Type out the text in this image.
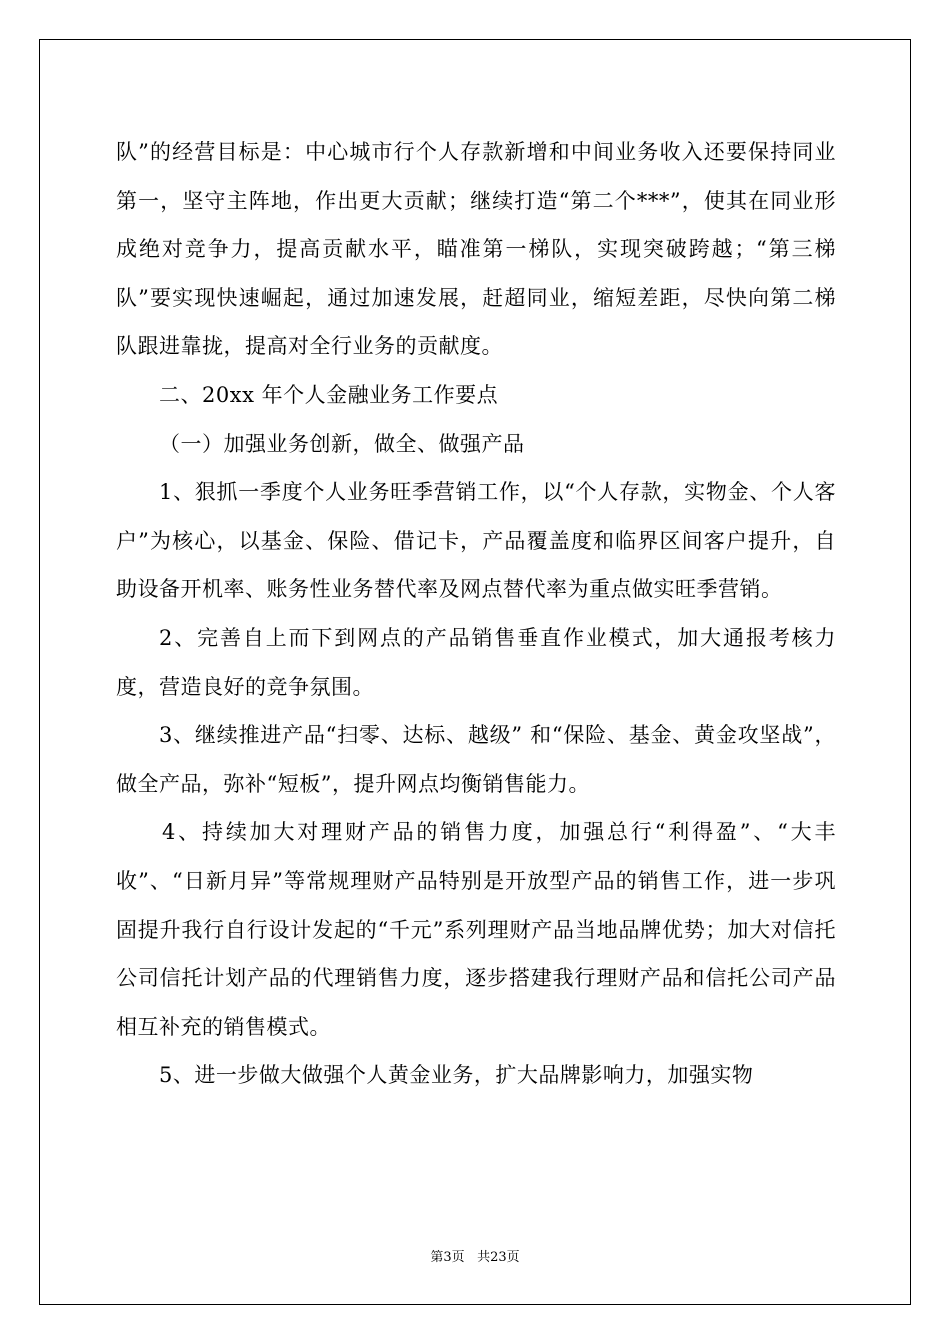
队”的经营目标是：中心城市行个人存款新增和中间业务收入还要保持同业第一，坚守主阵地，作出更大贡献；继续打造“第二个***”，使其在同业形成绝对竞争力，提高贡献水平，瞄准第一梯队，实现突破跨越；“第三梯队”要实现快速崛起，通过加速发展，赶超同业，缩短差距，尽快向第二梯队跟进靠拢，提高对全行业务的贡献度。

二、20xx 年个人金融业务工作要点

（一）加强业务创新，做全、做强产品

1、狠抓一季度个人业务旺季营销工作，以“个人存款，实物金、个人客户”为核心，以基金、保险、借记卡，产品覆盖度和临界区间客户提升，自助设备开机率、账务性业务替代率及网点替代率为重点做实旺季营销。

2、完善自上而下到网点的产品销售垂直作业模式，加大通报考核力度，营造良好的竞争氛围。

3、继续推进产品“扫零、达标、越级” 和“保险、基金、黄金攻坚战”，做全产品，弥补“短板”，提升网点均衡销售能力。

4、持续加大对理财产品的销售力度，加强总行“利得盈”、“大丰收”、“日新月异”等常规理财产品特别是开放型产品的销售工作，进一步巩固提升我行自行设计发起的“千元”系列理财产品当地品牌优势；加大对信托公司信托计划产品的代理销售力度，逐步搭建我行理财产品和信托公司产品相互补充的销售模式。

5、进一步做大做强个人黄金业务，扩大品牌影响力，加强实物

第3页 共23页
